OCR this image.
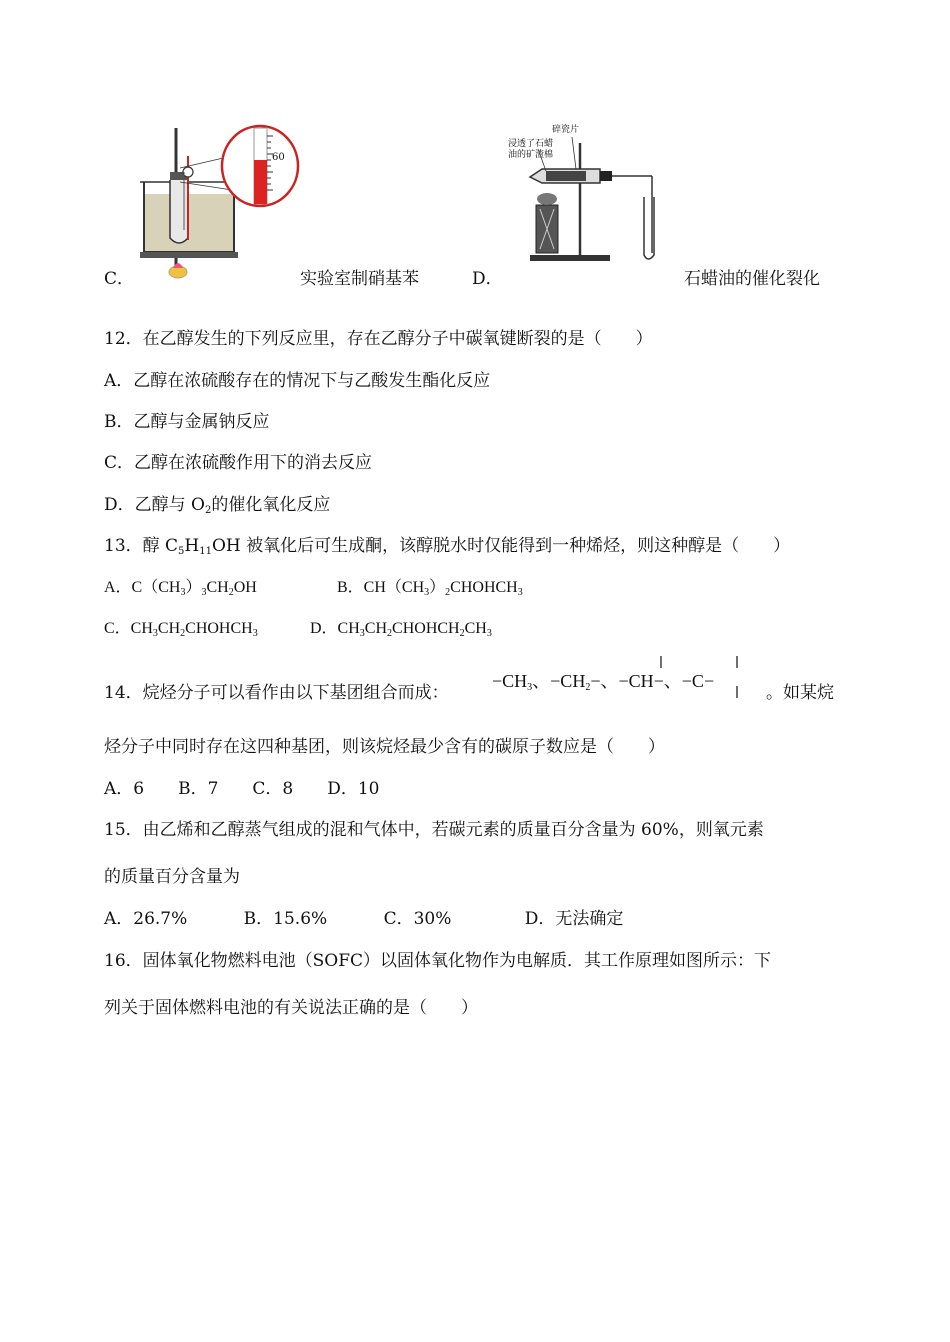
60
碎瓷片
浸透了石蜡
油的矿渣棉
C．	实验室制硝基苯	D．	石蜡油的催化裂化
12．在乙醇发生的下列反应里，存在乙醇分子中碳氧键断裂的是（　　）
A．乙醇在浓硫酸存在的情况下与乙酸发生酯化反应
B．乙醇与金属钠反应
C．乙醇在浓硫酸作用下的消去反应
D．乙醇与 $O_2$的催化氧化反应
13．醇 $C_5H_{11}OH$ 被氧化后可生成酮，该醇脱水时仅能得到一种烯烃，则这种醇是（　　）
A．$C(CH_3)_3CH_2OH$	B．$CH(CH_3)_2CHOHCH_3$
C．$CH_3CH_2CHOHCH_3$	D．$CH_3CH_2CHOHCH_2CH_3$
14．烷烃分子可以看作由以下基团组合而成：
$-CH_3$、$-CH_2-$、−CH−、−C−
。如某烷
烃分子中同时存在这四种基团，则该烷烃最少含有的碳原子数应是（　　）
A．6　　B．7　　C．8　　D．10
15．由乙烯和乙醇蒸气组成的混和气体中，若碳元素的质量百分含量为 60%，则氧元素
的质量百分含量为
A．26.7%　　　 B．15.6%　　　 C．30%　　　　 D．无法确定
16．固体氧化物燃料电池（SOFC）以固体氧化物作为电解质．其工作原理如图所示：下
列关于固体燃料电池的有关说法正确的是（　　）
